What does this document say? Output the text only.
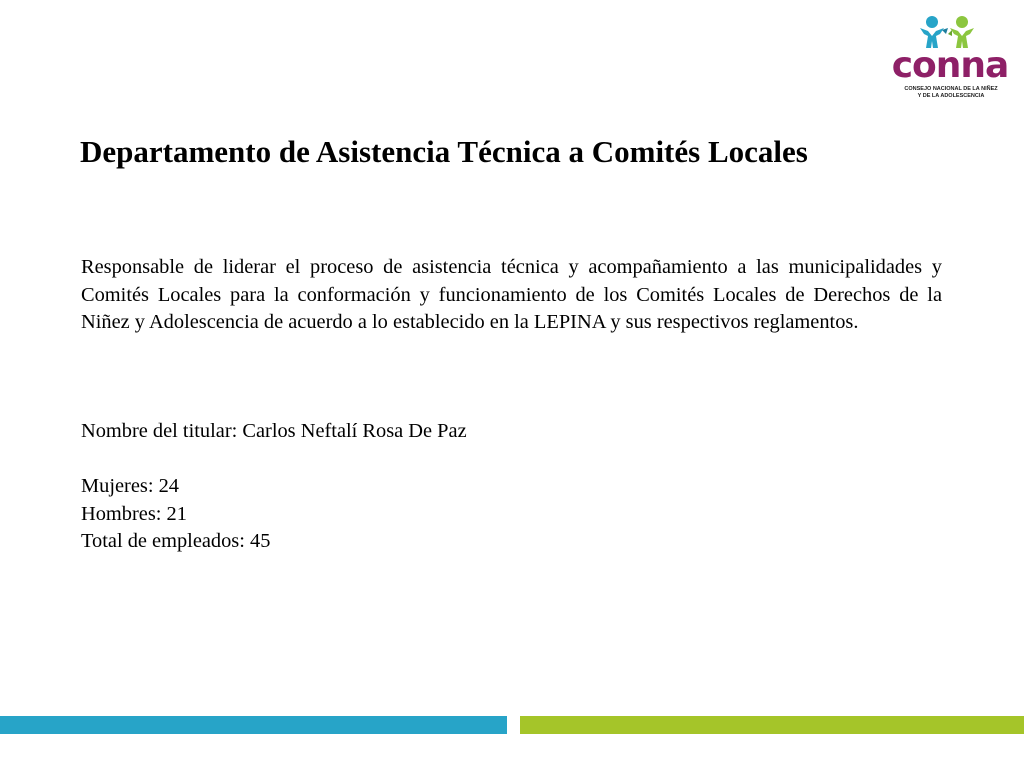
conna
CONSEJO NACIONAL DE LA NIÑEZ
Y DE LA ADOLESCENCIA
Departamento de Asistencia Técnica a Comités Locales

Responsable de liderar el proceso de asistencia técnica y acompañamiento a las municipalidades y Comités Locales para la conformación y funcionamiento de los Comités Locales de Derechos de la Niñez y Adolescencia de acuerdo a lo establecido en la LEPINA y sus respectivos reglamentos.

Nombre del titular: Carlos Neftalí Rosa De Paz
Mujeres: 24
Hombres: 21
Total de empleados: 45
